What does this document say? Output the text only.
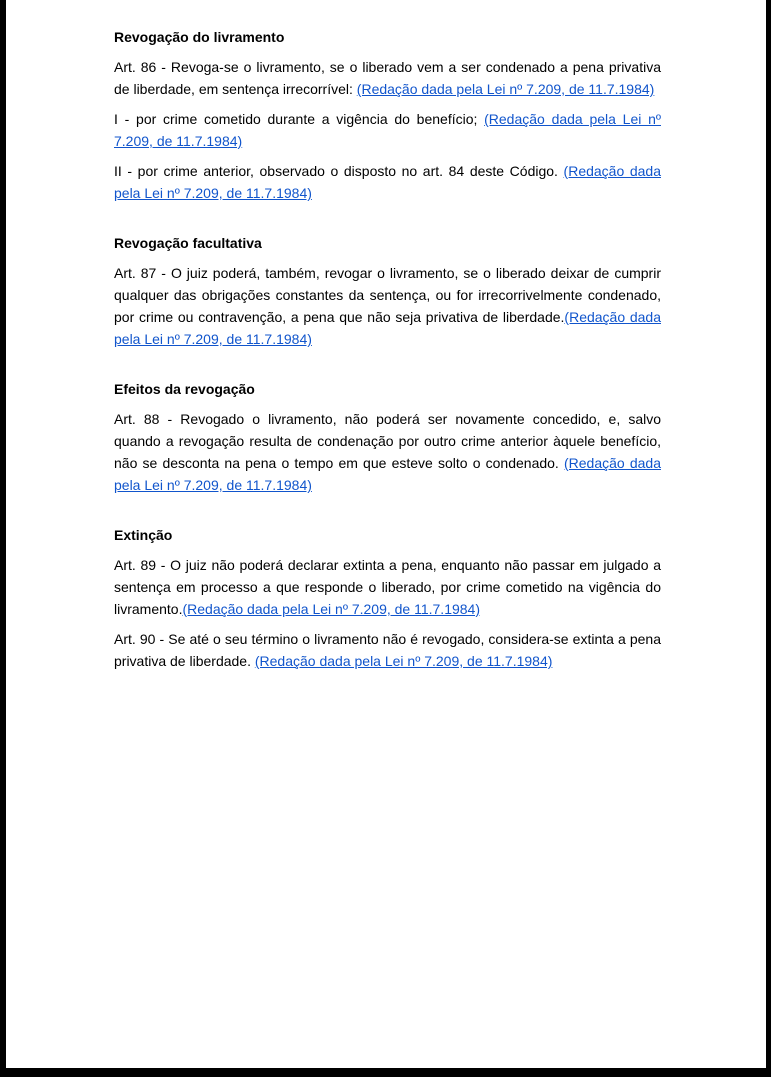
Revogação do livramento

Art. 86 - Revoga-se o livramento, se o liberado vem a ser condenado a pena privativa de liberdade, em sentença irrecorrível: (Redação dada pela Lei nº 7.209, de 11.7.1984)

I - por crime cometido durante a vigência do benefício; (Redação dada pela Lei nº 7.209, de 11.7.1984)

II - por crime anterior, observado o disposto no art. 84 deste Código. (Redação dada pela Lei nº 7.209, de 11.7.1984)

Revogação facultativa

Art. 87 - O juiz poderá, também, revogar o livramento, se o liberado deixar de cumprir qualquer das obrigações constantes da sentença, ou for irrecorrivelmente condenado, por crime ou contravenção, a pena que não seja privativa de liberdade.(Redação dada pela Lei nº 7.209, de 11.7.1984)

Efeitos da revogação

Art. 88 - Revogado o livramento, não poderá ser novamente concedido, e, salvo quando a revogação resulta de condenação por outro crime anterior àquele benefício, não se desconta na pena o tempo em que esteve solto o condenado. (Redação dada pela Lei nº 7.209, de 11.7.1984)

Extinção

Art. 89 - O juiz não poderá declarar extinta a pena, enquanto não passar em julgado a sentença em processo a que responde o liberado, por crime cometido na vigência do livramento.(Redação dada pela Lei nº 7.209, de 11.7.1984)

Art. 90 - Se até o seu término o livramento não é revogado, considera-se extinta a pena privativa de liberdade. (Redação dada pela Lei nº 7.209, de 11.7.1984)
